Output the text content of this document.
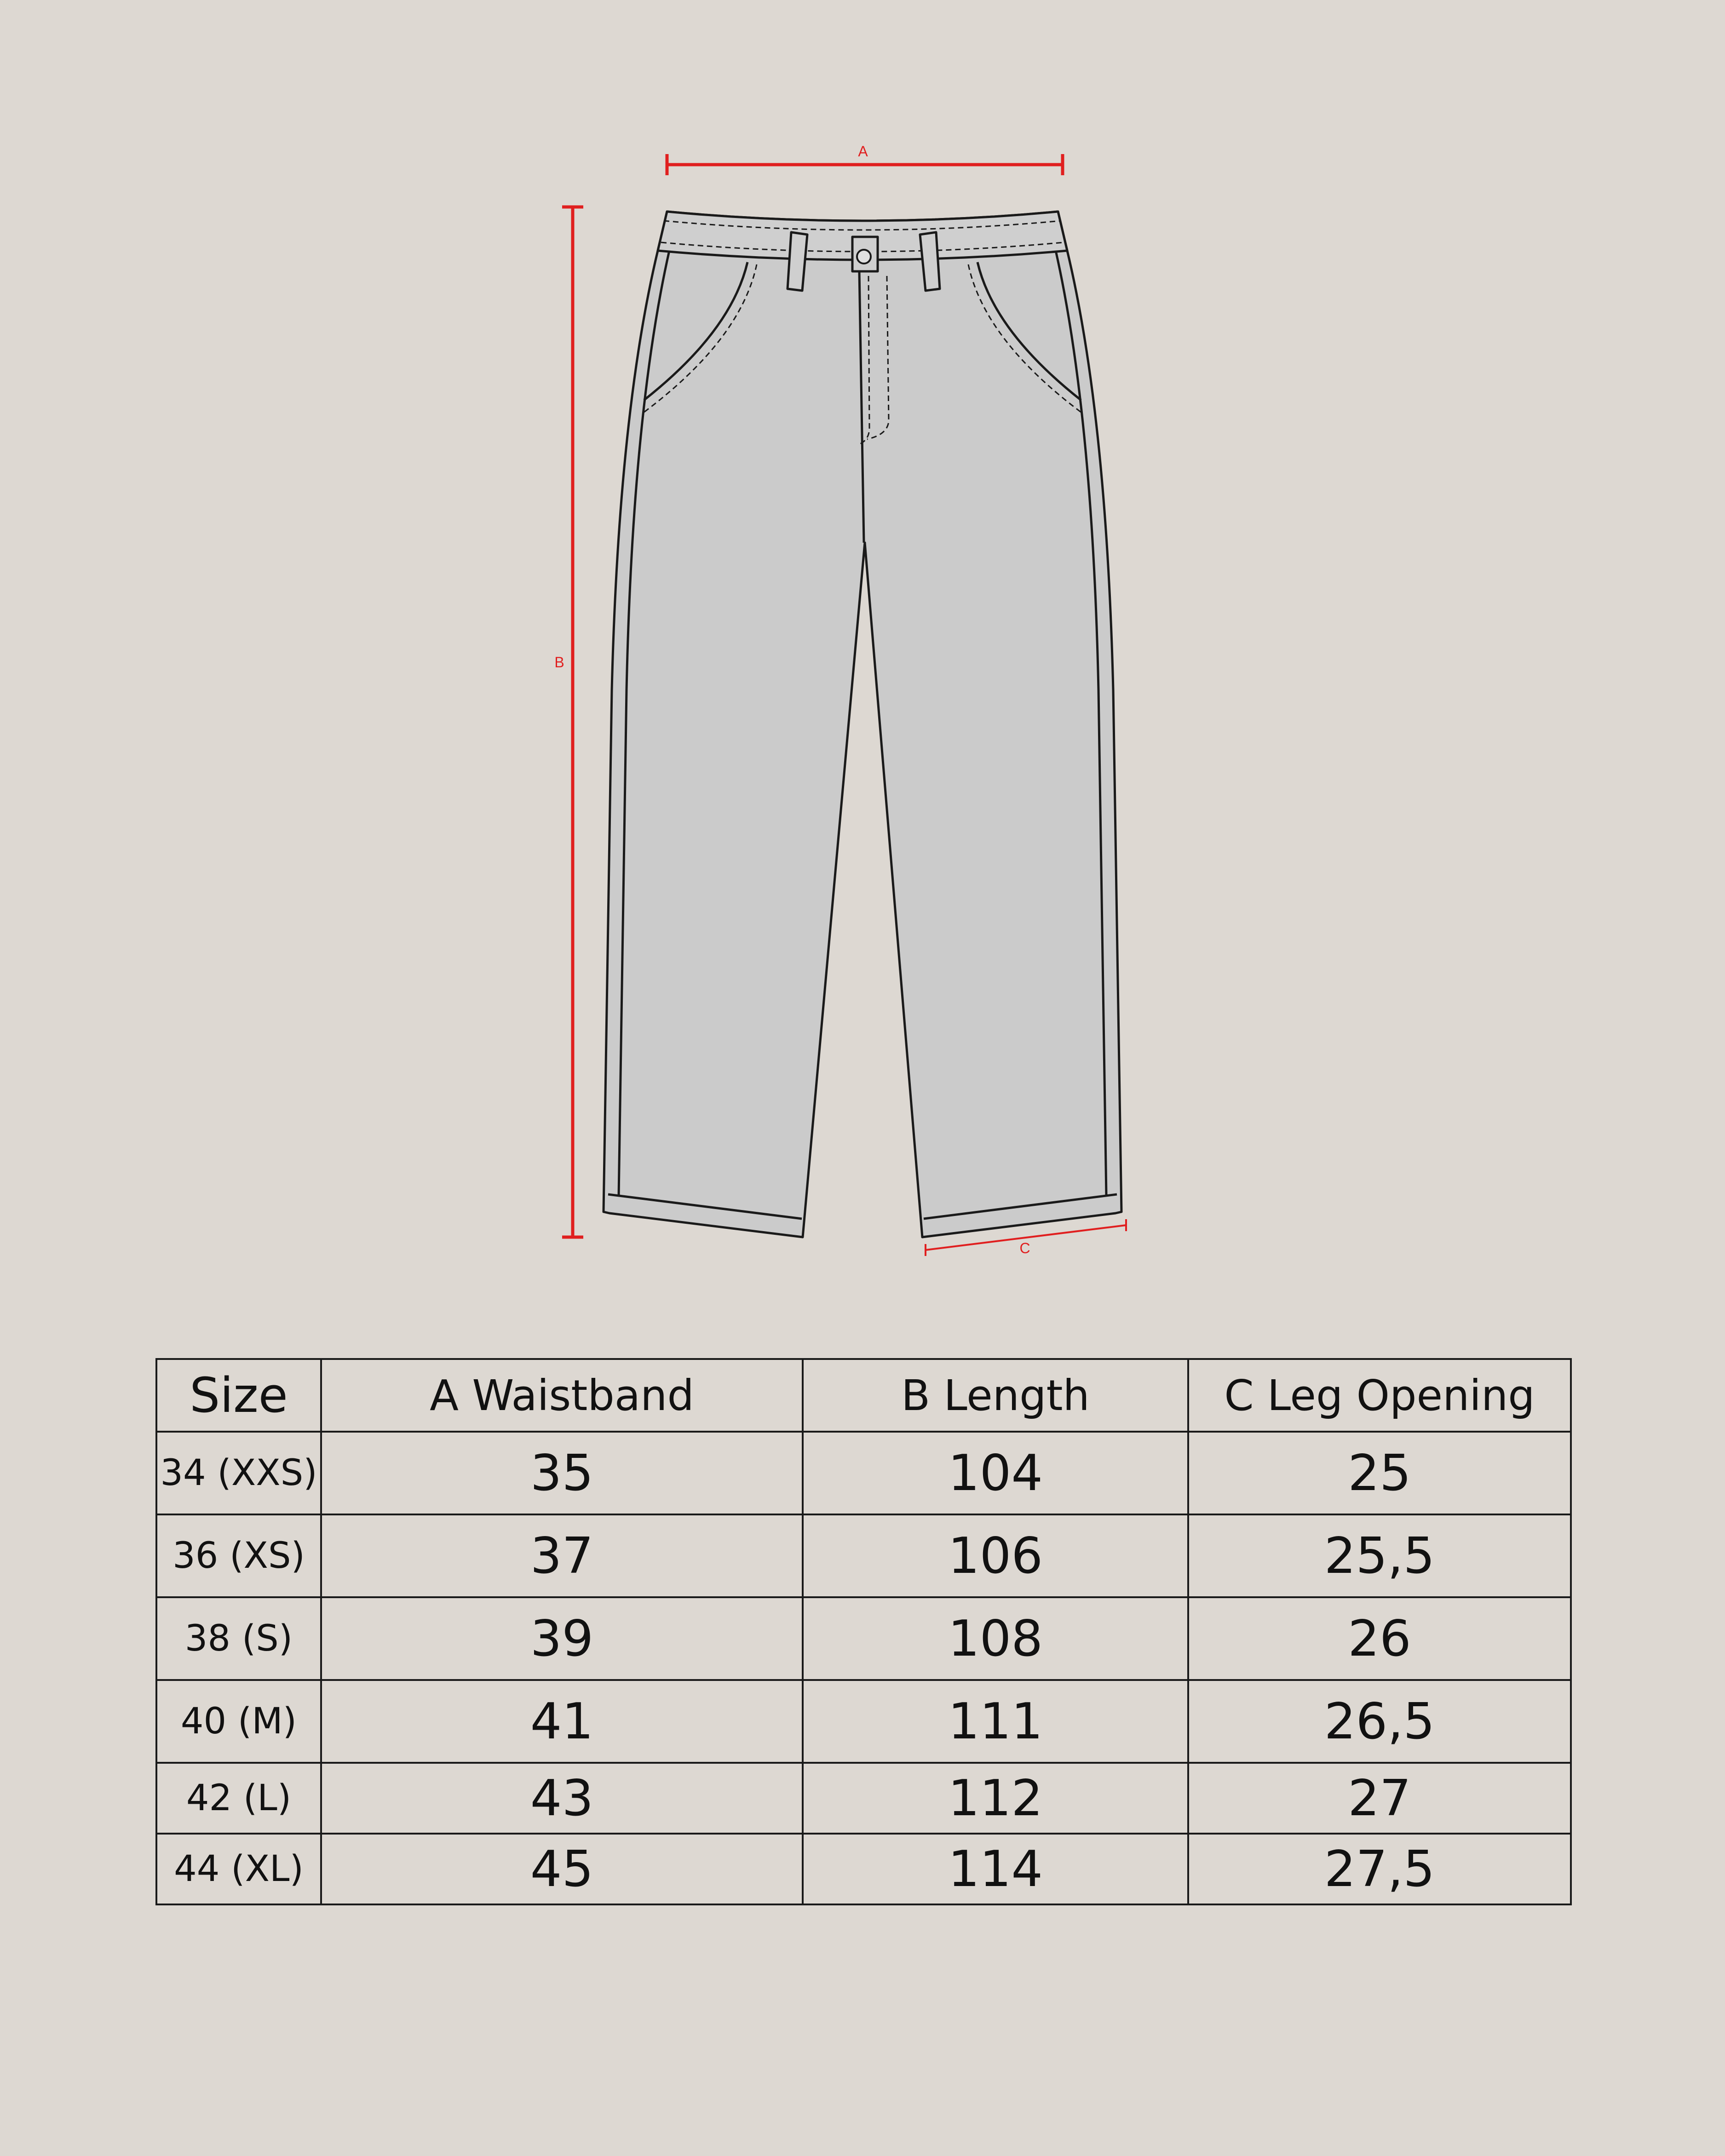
A
B
C
Size	A Waistband	B Length	C Leg Opening
34 (XXS)	35	104	25
36 (XS)	37	106	25,5
38 (S)	39	108	26
40 (M)	41	111	26,5
42 (L)	43	112	27
44 (XL)	45	114	27,5
